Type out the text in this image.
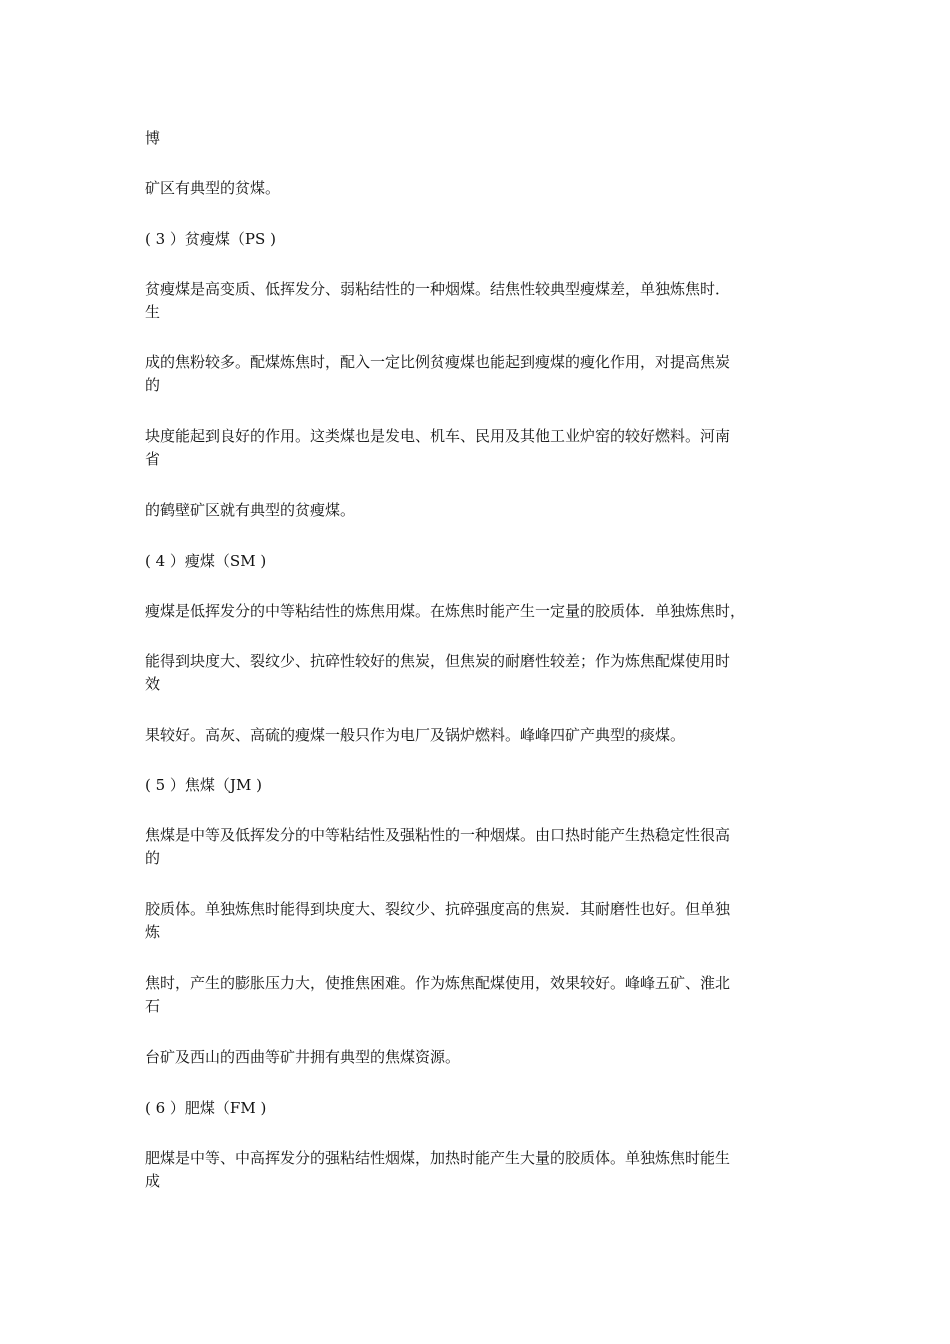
博

矿区有典型的贫煤。

( 3 ）贫瘦煤（PS )

贫瘦煤是高变质、低挥发分、弱粘结性的一种烟煤。结焦性较典型瘦煤差，单独炼焦时．

生

成的焦粉较多。配煤炼焦时，配入一定比例贫瘦煤也能起到瘦煤的瘦化作用，对提高焦炭

的

块度能起到良好的作用。这类煤也是发电、机车、民用及其他工业炉窑的较好燃料。河南

省

的鹤壁矿区就有典型的贫瘦煤。

( 4 ）瘦煤（SM )

瘦煤是低挥发分的中等粘结性的炼焦用煤。在炼焦时能产生一定量的胶质体．单独炼焦时，

能得到块度大、裂纹少、抗碎性较好的焦炭，但焦炭的耐磨性较差；作为炼焦配煤使用时

效

果较好。高灰、高硫的瘦煤一般只作为电厂及锅炉燃料。峰峰四矿产典型的痰煤。

( 5 ）焦煤（JM )

焦煤是中等及低挥发分的中等粘结性及强粘性的一种烟煤。由口热时能产生热稳定性很高

的

胶质体。单独炼焦时能得到块度大、裂纹少、抗碎强度高的焦炭．其耐磨性也好。但单独

炼

焦时，产生的膨胀压力大，使推焦困难。作为炼焦配煤使用，效果较好。峰峰五矿、淮北

石

台矿及西山的西曲等矿井拥有典型的焦煤资源。

( 6 ）肥煤（FM )

肥煤是中等、中高挥发分的强粘结性烟煤，加热时能产生大量的胶质体。单独炼焦时能生

成
